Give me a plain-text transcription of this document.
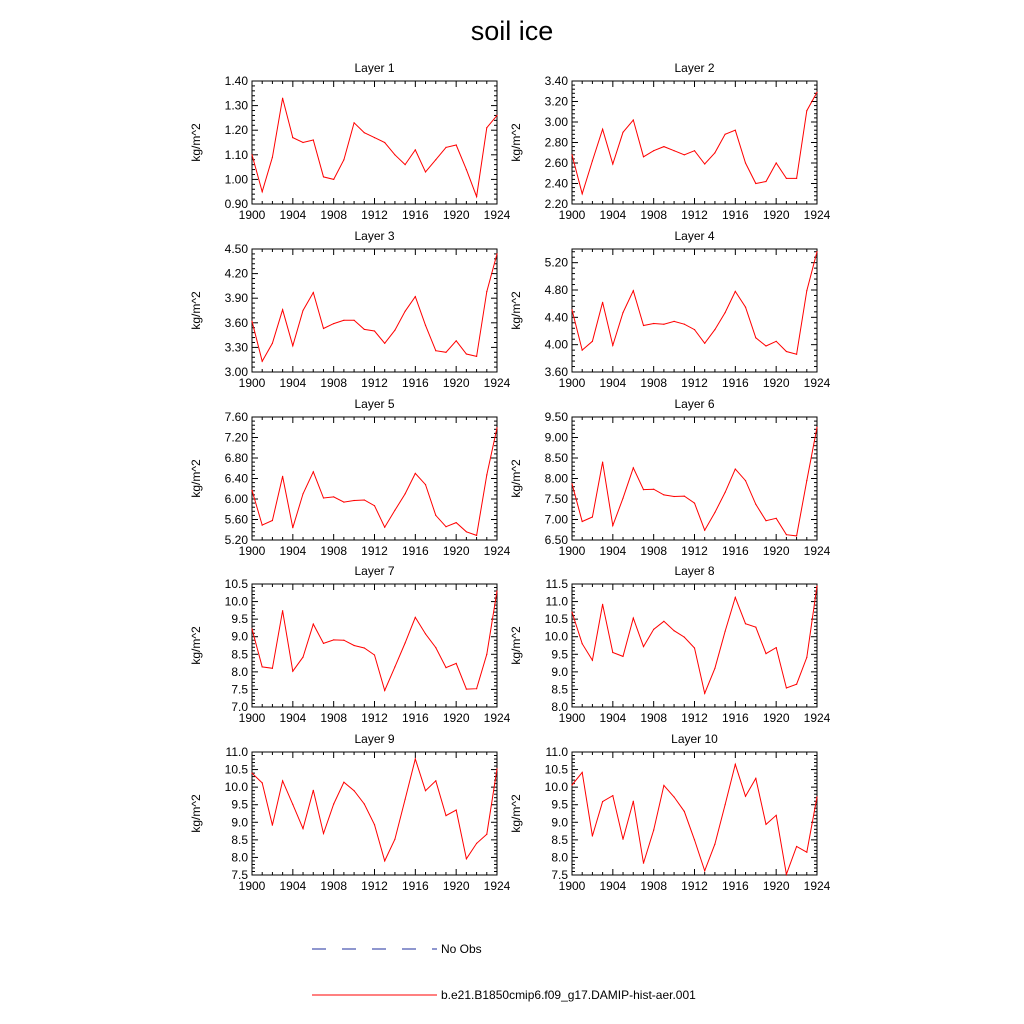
soil ice
Layer 1
kg/m^2
1900 1904 1908 1912 1916 1920 1924
0.90
1.00
1.10
1.20
1.30
1.40
Layer 2
kg/m^2
1900 1904 1908 1912 1916 1920 1924
2.20
2.40
2.60
2.80
3.00
3.20
3.40
Layer 3
kg/m^2
1900 1904 1908 1912 1916 1920 1924
3.00
3.30
3.60
3.90
4.20
4.50
Layer 4
kg/m^2
1900 1904 1908 1912 1916 1920 1924
3.60
4.00
4.40
4.80
5.20
Layer 5
kg/m^2
1900 1904 1908 1912 1916 1920 1924
5.20
5.60
6.00
6.40
6.80
7.20
7.60
Layer 6
kg/m^2
1900 1904 1908 1912 1916 1920 1924
6.50
7.00
7.50
8.00
8.50
9.00
9.50
Layer 7
kg/m^2
1900 1904 1908 1912 1916 1920 1924
7.0
7.5
8.0
8.5
9.0
9.5
10.0
10.5
Layer 8
kg/m^2
1900 1904 1908 1912 1916 1920 1924
8.0
8.5
9.0
9.5
10.0
10.5
11.0
11.5
Layer 9
kg/m^2
1900 1904 1908 1912 1916 1920 1924
7.5
8.0
8.5
9.0
9.5
10.0
10.5
11.0
Layer 10
kg/m^2
1900 1904 1908 1912 1916 1920 1924
7.5
8.0
8.5
9.0
9.5
10.0
10.5
11.0
No Obs
b.e21.B1850cmip6.f09_g17.DAMIP-hist-aer.001
